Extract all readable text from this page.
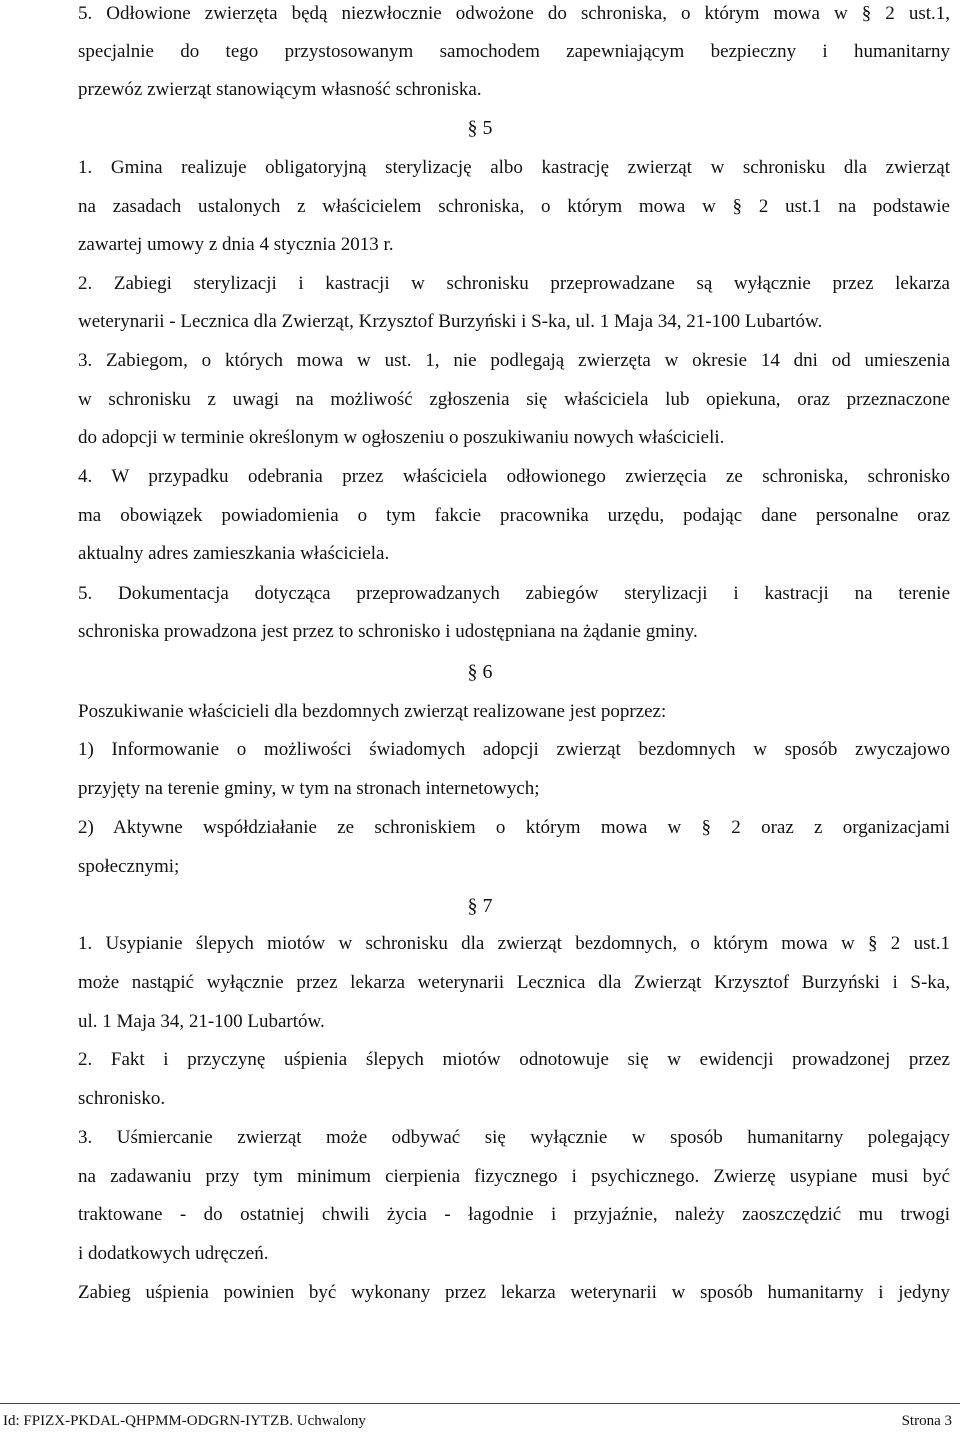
5. Odłowione zwierzęta będą niezwłocznie odwożone do schroniska, o którym mowa w § 2 ust.1,
specjalnie do tego przystosowanym samochodem zapewniającym bezpieczny i humanitarny
przewóz zwierząt stanowiącym własność schroniska.
§ 5
1. Gmina realizuje obligatoryjną sterylizację albo kastrację zwierząt w schronisku dla zwierząt
na zasadach ustalonych z właścicielem schroniska, o którym mowa w § 2 ust.1 na podstawie
zawartej umowy z dnia 4 stycznia 2013 r.
2. Zabiegi sterylizacji i kastracji w schronisku przeprowadzane są wyłącznie przez lekarza
weterynarii - Lecznica dla Zwierząt, Krzysztof Burzyński i S-ka, ul. 1 Maja 34, 21-100 Lubartów.
3. Zabiegom, o których mowa w ust. 1, nie podlegają zwierzęta w okresie 14 dni od umieszenia
w schronisku z uwagi na możliwość zgłoszenia się właściciela lub opiekuna, oraz przeznaczone
do adopcji w terminie określonym w ogłoszeniu o poszukiwaniu nowych właścicieli.
4. W przypadku odebrania przez właściciela odłowionego zwierzęcia ze schroniska, schronisko
ma obowiązek powiadomienia o tym fakcie pracownika urzędu, podając dane personalne oraz
aktualny adres zamieszkania właściciela.
5. Dokumentacja dotycząca przeprowadzanych zabiegów sterylizacji i kastracji na terenie
schroniska prowadzona jest przez to schronisko i udostępniana na żądanie gminy.
§ 6
Poszukiwanie właścicieli dla bezdomnych zwierząt realizowane jest poprzez:
1) Informowanie o możliwości świadomych adopcji zwierząt bezdomnych w sposób zwyczajowo
przyjęty na terenie gminy, w tym na stronach internetowych;
2) Aktywne współdziałanie ze schroniskiem o którym mowa w § 2 oraz z organizacjami
społecznymi;
§ 7
1. Usypianie ślepych miotów w schronisku dla zwierząt bezdomnych, o którym mowa w § 2 ust.1
może nastąpić wyłącznie przez lekarza weterynarii Lecznica dla Zwierząt Krzysztof Burzyński i S-ka,
ul. 1 Maja 34, 21-100 Lubartów.
2. Fakt i przyczynę uśpienia ślepych miotów odnotowuje się w ewidencji prowadzonej przez
schronisko.
3. Uśmiercanie zwierząt może odbywać się wyłącznie w sposób humanitarny polegający
na zadawaniu przy tym minimum cierpienia fizycznego i psychicznego. Zwierzę usypiane musi być
traktowane - do ostatniej chwili życia - łagodnie i przyjaźnie, należy zaoszczędzić mu trwogi
i dodatkowych udręczeń.
Zabieg uśpienia powinien być wykonany przez lekarza weterynarii w sposób humanitarny i jedyny
Id: FPIZX-PKDAL-QHPMM-ODGRN-IYTZB. Uchwalony	Strona 3
